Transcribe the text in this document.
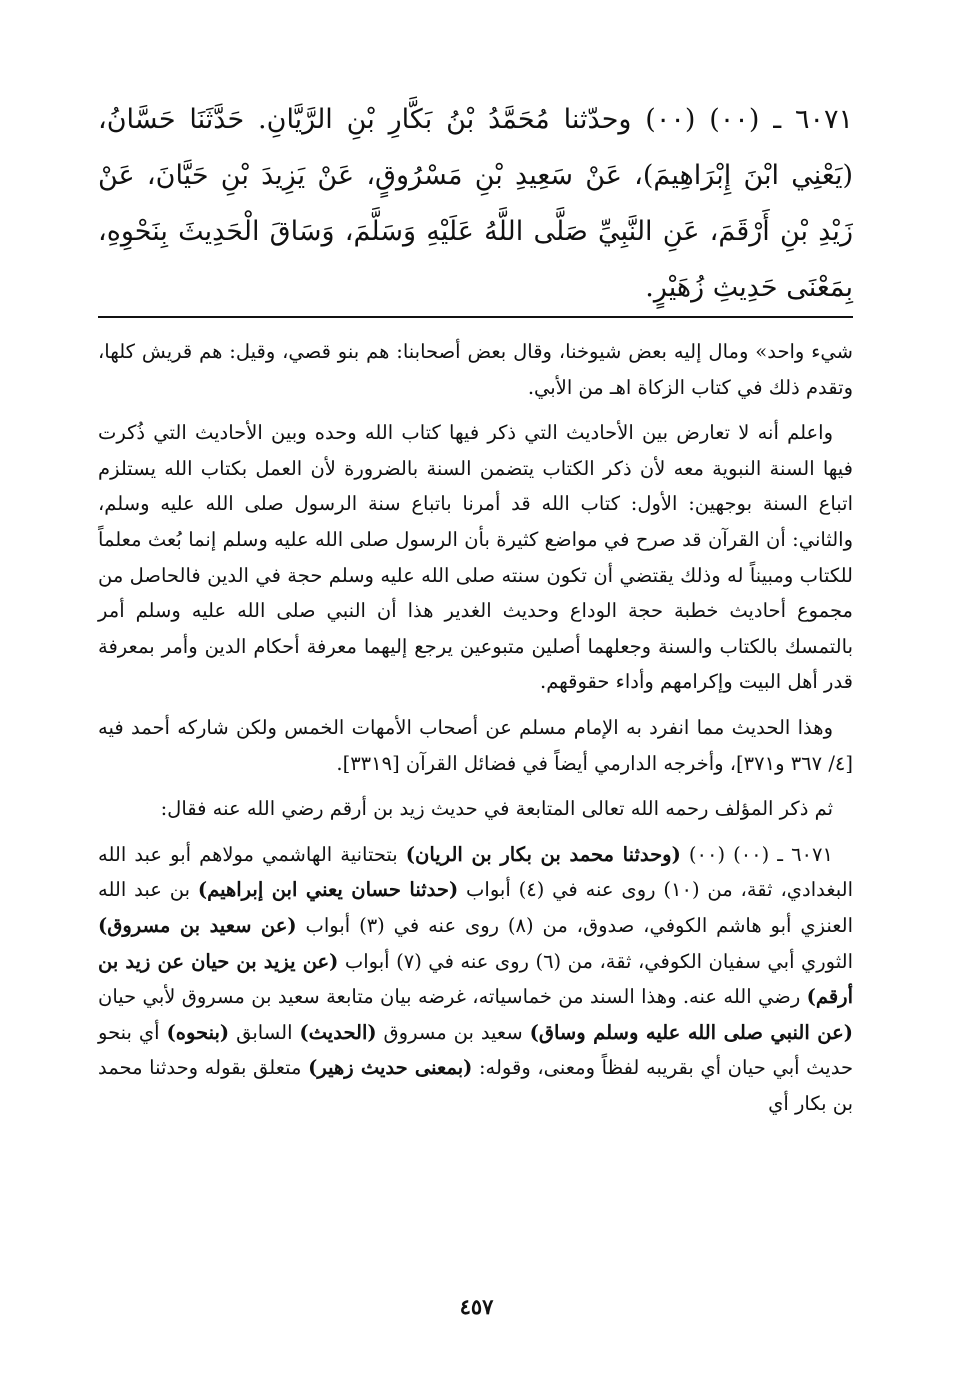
٦٠٧١ ـ (٠٠) (٠٠) وحدّثنا مُحَمَّدُ بْنُ بَكَّارِ بْنِ الرَّيَّانِ. حَدَّثَنَا حَسَّانُ، (يَعْنِي ابْنَ إِبْرَاهِيمَ)، عَنْ سَعِيدِ بْنِ مَسْرُوقٍ، عَنْ يَزِيدَ بْنِ حَيَّانَ، عَنْ زَيْدِ بْنِ أَرْقَمَ، عَنِ النَّبِيِّ صَلَّى اللَّهُ عَلَيْهِ وَسَلَّمَ، وَسَاقَ الْحَدِيثَ بِنَحْوِهِ، بِمَعْنَى حَدِيثِ زُهَيْرٍ.

شيء واحد» ومال إليه بعض شيوخنا، وقال بعض أصحابنا: هم بنو قصي، وقيل: هم قريش كلها، وتقدم ذلك في كتاب الزكاة اهـ من الأبي.

واعلم أنه لا تعارض بين الأحاديث التي ذكر فيها كتاب الله وحده وبين الأحاديث التي ذُكرت فيها السنة النبوية معه لأن ذكر الكتاب يتضمن السنة بالضرورة لأن العمل بكتاب الله يستلزم اتباع السنة بوجهين: الأول: كتاب الله قد أمرنا باتباع سنة الرسول صلى الله عليه وسلم، والثاني: أن القرآن قد صرح في مواضع كثيرة بأن الرسول صلى الله عليه وسلم إنما بُعث معلماً للكتاب ومبيناً له وذلك يقتضي أن تكون سنته صلى الله عليه وسلم حجة في الدين فالحاصل من مجموع أحاديث خطبة حجة الوداع وحديث الغدير هذا أن النبي صلى الله عليه وسلم أمر بالتمسك بالكتاب والسنة وجعلهما أصلين متبوعين يرجع إليهما معرفة أحكام الدين وأمر بمعرفة قدر أهل البيت وإكرامهم وأداء حقوقهم.

وهذا الحديث مما انفرد به الإمام مسلم عن أصحاب الأمهات الخمس ولكن شاركه أحمد فيه [٤/ ٣٦٧ و٣٧١]، وأخرجه الدارمي أيضاً في فضائل القرآن [٣٣١٩].

ثم ذكر المؤلف رحمه الله تعالى المتابعة في حديث زيد بن أرقم رضي الله عنه فقال:

٦٠٧١ ـ (٠٠) (٠٠) (وحدثنا محمد بن بكار بن الريان) بتحتانية الهاشمي مولاهم أبو عبد الله البغدادي، ثقة، من (١٠) روى عنه في (٤) أبواب (حدثنا حسان يعني ابن إبراهيم) بن عبد الله العنزي أبو هاشم الكوفي، صدوق، من (٨) روى عنه في (٣) أبواب (عن سعيد بن مسروق) الثوري أبي سفيان الكوفي، ثقة، من (٦) روى عنه في (٧) أبواب (عن يزيد بن حيان عن زيد بن أرقم) رضي الله عنه. وهذا السند من خماسياته، غرضه بيان متابعة سعيد بن مسروق لأبي حيان (عن النبي صلى الله عليه وسلم وساق) سعيد بن مسروق (الحديث) السابق (بنحوه) أي بنحو حديث أبي حيان أي بقريبه لفظاً ومعنى، وقوله: (بمعنى حديث زهير) متعلق بقوله وحدثنا محمد بن بكار أي

٤٥٧
